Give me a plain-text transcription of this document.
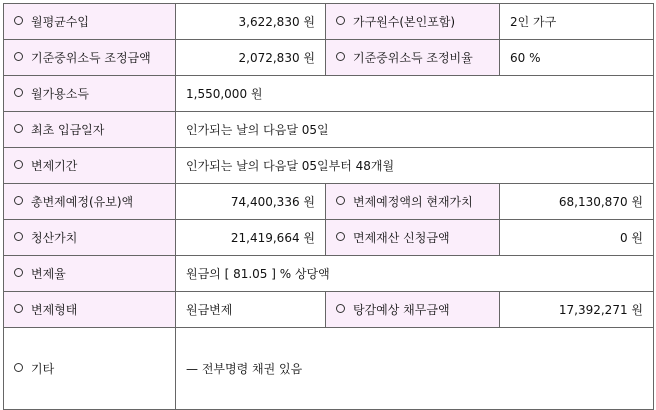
월평균수입	3,622,830 원	가구원수(본인포함)	2인 가구
기준중위소득 조정금액	2,072,830 원	기준중위소득 조정비율	60 %
월가용소득	1,550,000 원		
최초 입금일자	인가되는 날의 다음달 05일		
변제기간	인가되는 날의 다음달 05일부터 48개월		
총변제예정(유보)액	74,400,336 원	변제예정액의 현재가치	68,130,870 원
청산가치	21,419,664 원	면제재산 신청금액	0 원
변제율	원금의 [ 81.05 ] % 상당액		
변제형태	원금변제	탕감예상 채무금액	17,392,271 원
기타	— 전부명령 채권 있음		
